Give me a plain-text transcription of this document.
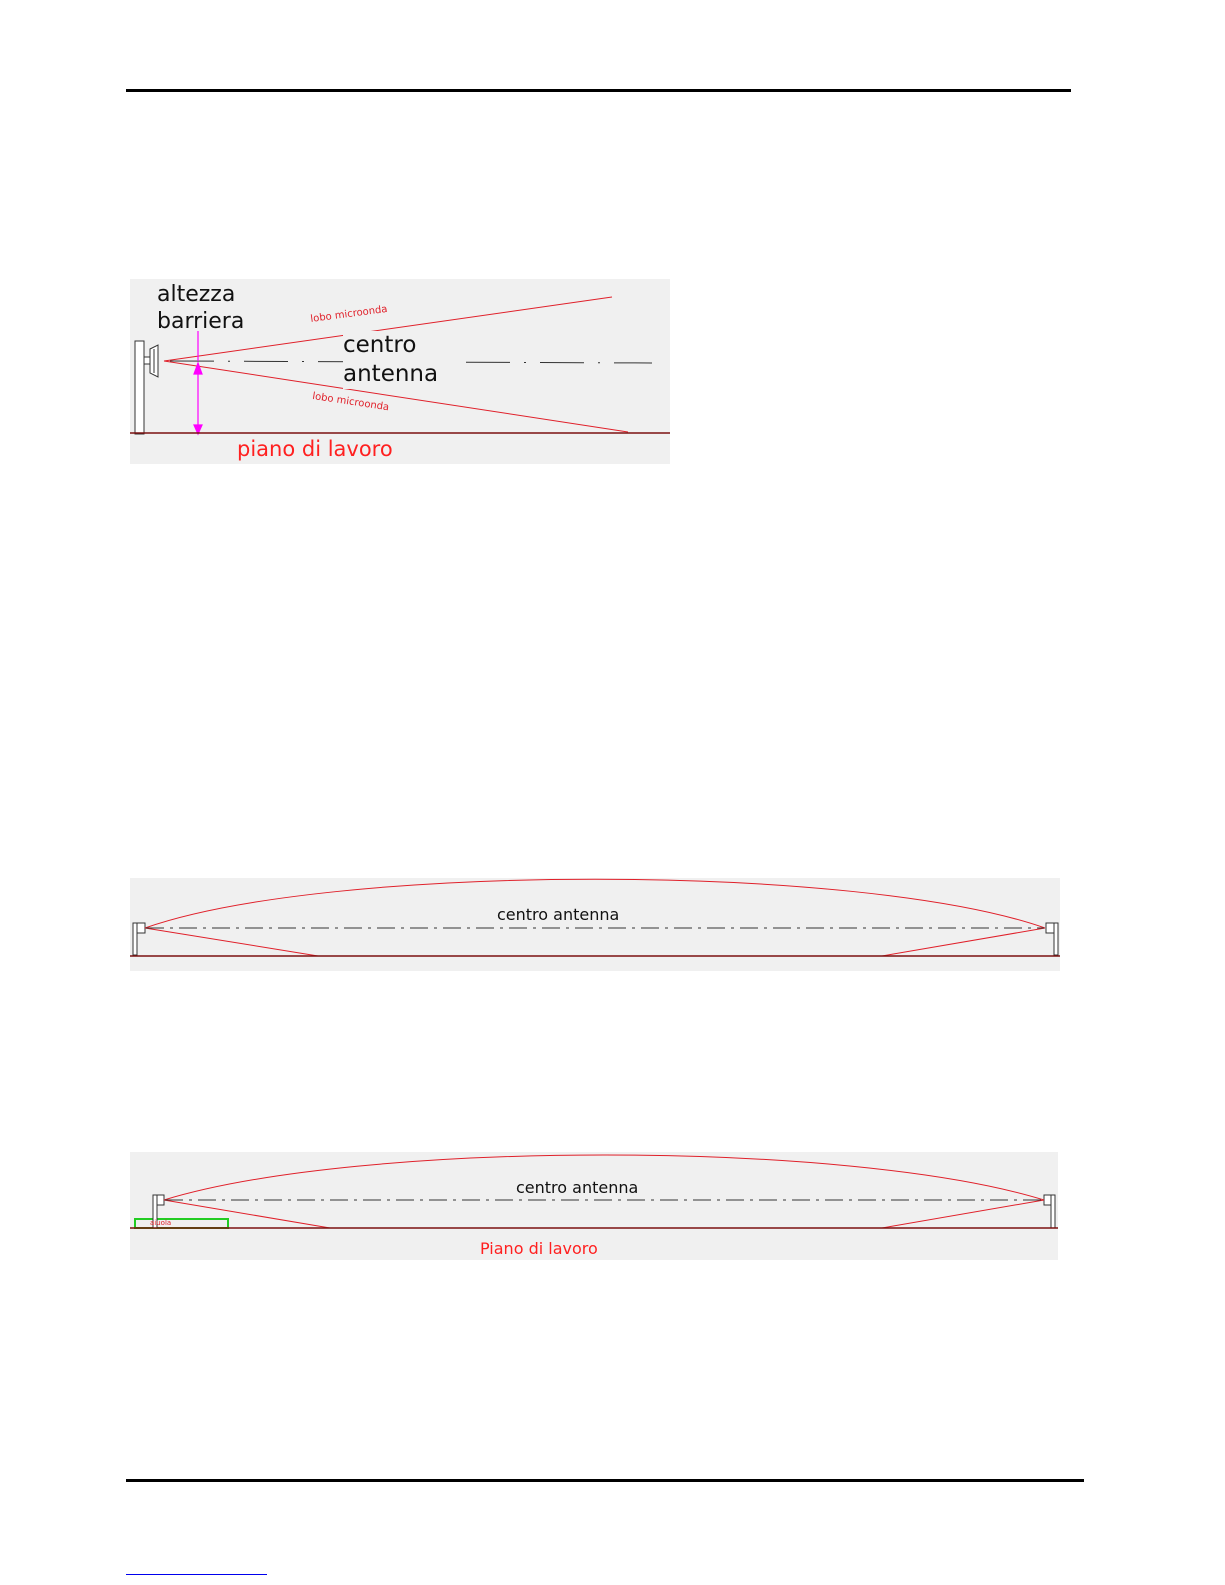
altezza barriera	lobo microonda
lobo microonda
centro antenna
piano di lavoro
centro antenna
centro antenna
aiuola
Piano di lavoro
